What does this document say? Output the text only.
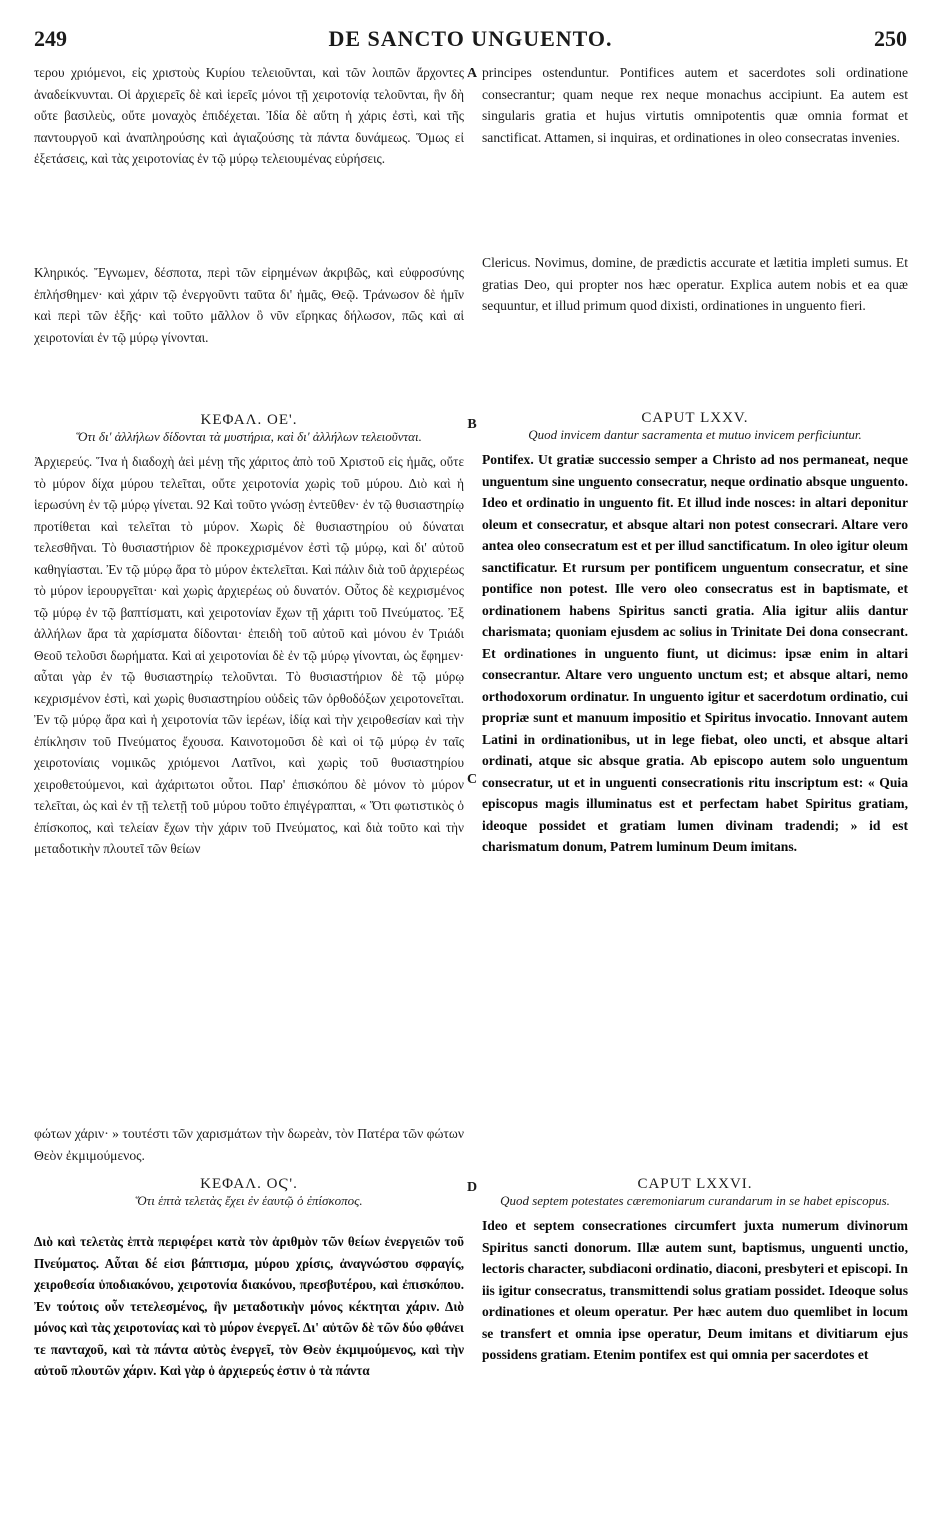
249	DE SANCTO UNGUENTO.	250
A
B
C
D

τερου χριόμενοι, εἰς χριστοὺς Κυρίου τελειοῦνται, καὶ τῶν λοιπῶν ἄρχοντες ἀναδείκνυνται. Οἱ ἀρχιερεῖς δὲ καὶ ἱερεῖς μόνοι τῇ χειροτονίᾳ τελοῦνται, ἣν δὴ οὔτε βασιλεὺς, οὔτε μοναχὸς ἐπιδέχεται. Ἰδία δὲ αὕτη ἡ χάρις ἐστὶ, καὶ τῆς παντουργοῦ καὶ ἀναπληρούσης καὶ ἁγιαζούσης τὰ πάντα δυνάμεως. Ὅμως εἰ ἐξετάσεις, καὶ τὰς χειροτονίας ἐν τῷ μύρῳ τελειουμένας εὑρήσεις.

Κληρικός. Ἔγνωμεν, δέσποτα, περὶ τῶν εἰρημένων ἀκριβῶς, καὶ εὐφροσύνης ἐπλήσθημεν· καὶ χάριν τῷ ἐνεργοῦντι ταῦτα δι' ἡμᾶς, Θεῷ. Τράνωσον δὲ ἡμῖν καὶ περὶ τῶν ἑξῆς· καὶ τοῦτο μᾶλλον ὃ νῦν εἴρηκας δήλωσον, πῶς καὶ αἱ χειροτονίαι ἐν τῷ μύρῳ γίνονται.

ΚΕΦΑΛ. ΟΕ'.

Ὅτι δι' ἀλλήλων δίδονται τὰ μυστήρια, καὶ δι' ἀλλήλων τελειοῦνται.

Ἀρχιερεύς. Ἵνα ἡ διαδοχὴ ἀεὶ μένῃ τῆς χάριτος ἀπὸ τοῦ Χριστοῦ εἰς ἡμᾶς, οὔτε τὸ μύρον δίχα μύρου τελεῖται, οὔτε χειροτονία χωρὶς τοῦ μύρου. Διὸ καὶ ἡ ἱερωσύνη ἐν τῷ μύρῳ γίνεται. 92 Καὶ τοῦτο γνώσῃ ἐντεῦθεν· ἐν τῷ θυσιαστηρίῳ προτίθεται καὶ τελεῖται τὸ μύρον. Χωρὶς δὲ θυσιαστηρίου οὐ δύναται τελεσθῆναι. Τὸ θυσιαστήριον δὲ προκεχρισμένον ἐστὶ τῷ μύρῳ, καὶ δι' αὐτοῦ καθηγίασται. Ἐν τῷ μύρῳ ἄρα τὸ μύρον ἐκτελεῖται. Καὶ πάλιν διὰ τοῦ ἀρχιερέως τὸ μύρον ἱερουργεῖται· καὶ χωρὶς ἀρχιερέως οὐ δυνατόν. Οὗτος δὲ κεχρισμένος τῷ μύρῳ ἐν τῷ βαπτίσματι, καὶ χειροτονίαν ἔχων τῇ χάριτι τοῦ Πνεύματος. Ἐξ ἀλλήλων ἄρα τὰ χαρίσματα δίδονται· ἐπειδὴ τοῦ αὐτοῦ καὶ μόνου ἐν Τριάδι Θεοῦ τελοῦσι δωρήματα. Καὶ αἱ χειροτονίαι δὲ ἐν τῷ μύρῳ γίνονται, ὡς ἔφημεν· αὗται γὰρ ἐν τῷ θυσιαστηρίῳ τελοῦνται. Τὸ θυσιαστήριον δὲ τῷ μύρῳ κεχρισμένον ἐστὶ, καὶ χωρὶς θυσιαστηρίου οὐδεὶς τῶν ὀρθοδόξων χειροτονεῖται. Ἐν τῷ μύρῳ ἄρα καὶ ἡ χειροτονία τῶν ἱερέων, ἰδίᾳ καὶ τὴν χειροθεσίαν καὶ τὴν ἐπίκλησιν τοῦ Πνεύματος ἔχουσα. Καινοτομοῦσι δὲ καὶ οἱ τῷ μύρῳ ἐν ταῖς χειροτονίαις νομικῶς χριόμενοι Λατῖνοι, καὶ χωρὶς τοῦ θυσιαστηρίου χειροθετούμενοι, καὶ ἀχάριτωτοι οὗτοι. Παρ' ἐπισκόπου δὲ μόνον τὸ μύρον τελεῖται, ὡς καὶ ἐν τῇ τελετῇ τοῦ μύρου τοῦτο ἐπιγέγραπται, « Ὅτι φωτιστικὸς ὁ ἐπίσκοπος, καὶ τελείαν ἔχων τὴν χάριν τοῦ Πνεύματος, καὶ διὰ τοῦτο καὶ τὴν μεταδοτικὴν πλουτεῖ τῶν θείων

φώτων χάριν· » τουτέστι τῶν χαρισμάτων τὴν δωρεὰν, τὸν Πατέρα τῶν φώτων Θεὸν ἐκμιμούμενος.

ΚΕΦΑΛ. ΟϚ'.

Ὅτι ἑπτὰ τελετὰς ἔχει ἐν ἑαυτῷ ὁ ἐπίσκοπος.

Διὸ καὶ τελετὰς ἑπτὰ περιφέρει κατὰ τὸν ἀριθμὸν τῶν θείων ἐνεργειῶν τοῦ Πνεύματος. Αὗται δέ εἰσι βάπτισμα, μύρου χρίσις, ἀναγνώστου σφραγίς, χειροθεσία ὑποδιακόνου, χειροτονία διακόνου, πρεσβυτέρου, καὶ ἐπισκόπου. Ἐν τούτοις οὖν τετελεσμένος, ἣν μεταδοτικὴν μόνος κέκτηται χάριν. Διὸ μόνος καὶ τὰς χειροτονίας καὶ τὸ μύρον ἐνεργεῖ. Δι' αὐτῶν δὲ τῶν δύο φθάνει τε πανταχοῦ, καὶ τὰ πάντα αὐτὸς ἐνεργεῖ, τὸν Θεὸν ἐκμιμούμενος, καὶ τὴν αὐτοῦ πλουτῶν χάριν. Καὶ γὰρ ὁ ἀρχιερεύς ἐστιν ὁ τὰ πάντα

principes ostenduntur. Pontifices autem et sacerdotes soli ordinatione consecrantur; quam neque rex neque monachus accipiunt. Ea autem est singularis gratia et hujus virtutis omnipotentis quæ omnia format et sanctificat. Attamen, si inquiras, et ordinationes in oleo consecratas invenies.

Clericus. Novimus, domine, de prædictis accurate et lætitia impleti sumus. Et gratias Deo, qui propter nos hæc operatur. Explica autem nobis et ea quæ sequuntur, et illud primum quod dixisti, ordinationes in unguento fieri.

CAPUT LXXV.

Quod invicem dantur sacramenta et mutuo invicem perficiuntur.

Pontifex. Ut gratiæ successio semper a Christo ad nos permaneat, neque unguentum sine unguento consecratur, neque ordinatio absque unguento. Ideo et ordinatio in unguento fit. Et illud inde nosces: in altari deponitur oleum et consecratur, et absque altari non potest consecrari. Altare vero antea oleo consecratum est et per illud sanctificatum. In oleo igitur oleum sanctificatur. Et rursum per pontificem unguentum consecratur, et sine pontifice non potest. Ille vero oleo consecratus est in baptismate, et ordinationem habens Spiritus sancti gratia. Alia igitur aliis dantur charismata; quoniam ejusdem ac solius in Trinitate Dei dona consecrant. Et ordinationes in unguento fiunt, ut dicimus: ipsæ enim in altari consecrantur. Altare vero unguento unctum est; et absque altari, nemo orthodoxorum ordinatur. In unguento igitur et sacerdotum ordinatio, cui propriæ sunt et manuum impositio et Spiritus invocatio. Innovant autem Latini in ordinationibus, ut in lege fiebat, oleo uncti, et absque altari ordinati, atque sic absque gratia. Ab episcopo autem solo unguentum consecratur, ut et in unguenti consecrationis ritu inscriptum est: « Quia episcopus magis illuminatus est et perfectam habet Spiritus gratiam, ideoque possidet et gratiam lumen divinam tradendi; » id est charismatum donum, Patrem luminum Deum imitans.

CAPUT LXXVI.

Quod septem potestates cæremoniarum curandarum in se habet episcopus.

Ideo et septem consecrationes circumfert juxta numerum divinorum Spiritus sancti donorum. Illæ autem sunt, baptismus, unguenti unctio, lectoris character, subdiaconi ordinatio, diaconi, presbyteri et episcopi. In iis igitur consecratus, transmittendi solus gratiam possidet. Ideoque solus ordinationes et oleum operatur. Per hæc autem duo quemlibet in locum se transfert et omnia ipse operatur, Deum imitans et divitiarum ejus possidens gratiam. Etenim pontifex est qui omnia per sacerdotes et
